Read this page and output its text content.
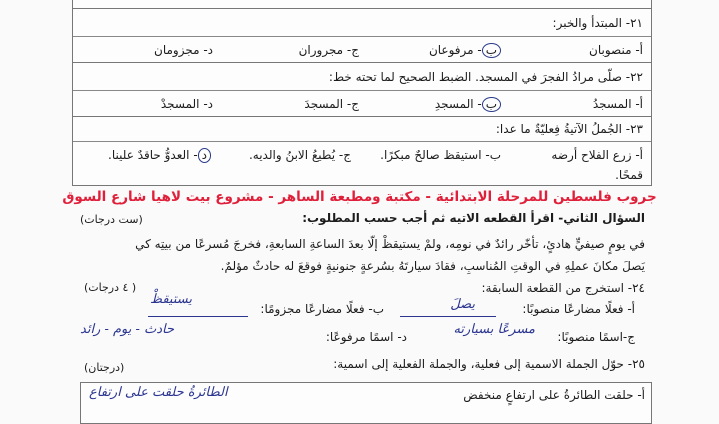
٢١- المبتدأ والخبر:
أ- منصوبان
ب- مرفوعان
ج- مجروران
د- مجزومان
٢٢- صلّى مرادُ الفجرَ في المسجد. الضبط الصحيح لما تحته خط:
أ- المسجدُ
ب- المسجدِ
ج- المسجدَ
د- المسجدْ
٢٣- الجُملُ الآتيةُ فِعليّةٌ ما عدا:
أ- زرع الفلاح أرضه
ب- استيقظ صالحٌ مبكرًا.
ج- يُطيعُ الابنُ والديه.
د- العدوُّ حاقدٌ علينا.
قمحًا.
جروب فلسطين للمرحلة الابتدائية - مكتبة ومطبعة الساهر - مشروع بيت لاهيا شارع السوق
السؤال الثاني- اقرأ القطعه الاتيه ثم أجب حسب المطلوب:
(ست درجات)
في يومٍ صيفيٍّ هادئٍ، تأخّر رائدٌ في نومِه، ولمْ يستيقظْ إلّا بعدَ الساعةِ السابعةِ، فخرجَ مُسرعًا من بيتِه كي
يَصلَ مكانَ عملِهِ في الوقتِ المُناسبِ، فقادَ سيارتَهُ بسُرعةٍ جنونيةٍ فوقعَ له حادثٌ مؤلمٌ.
٢٤- استخرج من القطعة السابقة:
( ٤ درجات)
أ- فعلًا مضارعًا منصوبًا:
يصلَ
ب- فعلًا مضارعًا مجزومًا:
يستيقظْ
ج-اسمًا منصوبًا:
مسرعًا بسيارته
د- اسمًا مرفوعًا:
حادث - يوم - رائد
٢٥- حوّل الجملة الاسمية إلى فعلية، والجملة الفعلية إلى اسمية:
(درجتان)
أ- حلقت الطائرةُ على ارتفاعٍ منخفض
الطائرةُ حلقت على ارتفاع
